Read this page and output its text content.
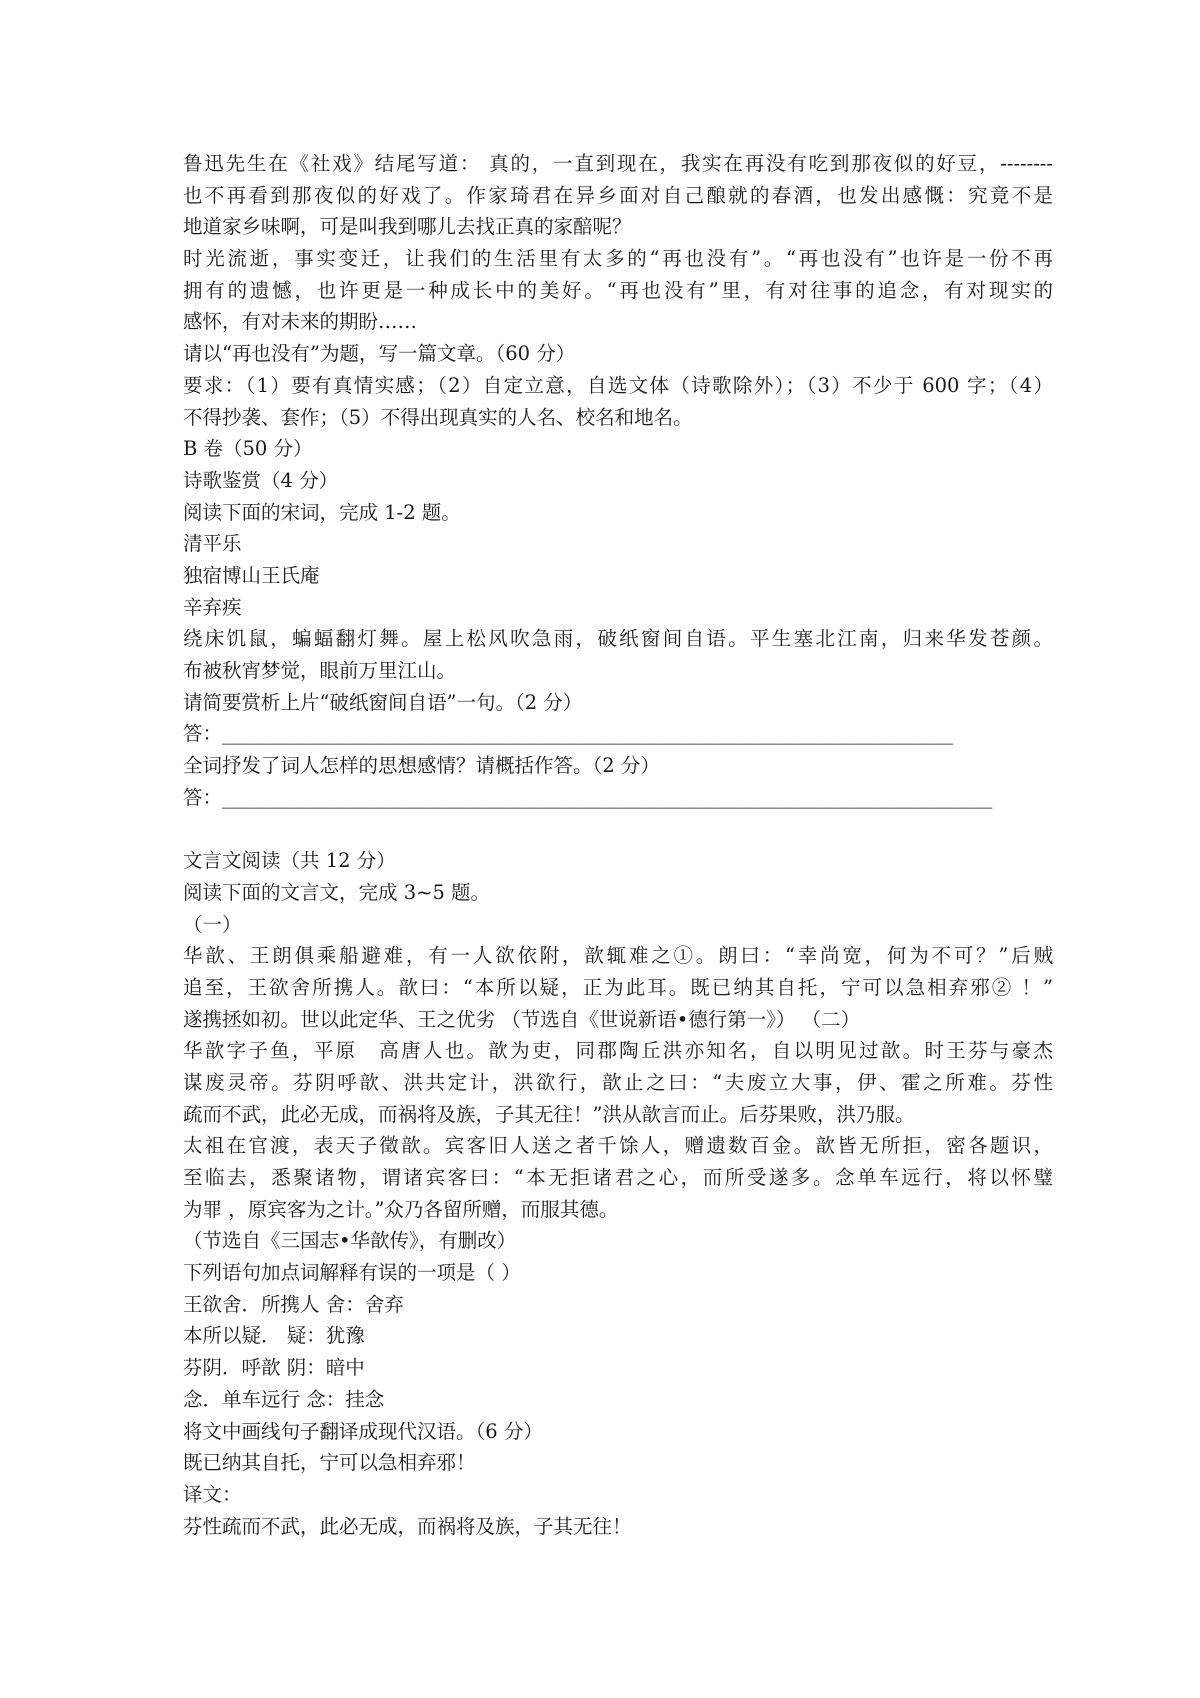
鲁迅先生在《社戏》结尾写道： 真的，一直到现在，我实在再没有吃到那夜似的好豆，--------
也不再看到那夜似的好戏了。作家琦君在异乡面对自己酿就的春酒，也发出感慨：究竟不是
地道家乡味啊，可是叫我到哪儿去找正真的家醅呢？
时光流逝，事实变迁，让我们的生活里有太多的“再也没有”。“再也没有”也许是一份不再
拥有的遗憾，也许更是一种成长中的美好。“再也没有”里，有对往事的追念，有对现实的
感怀，有对未来的期盼……
请以“再也没有”为题，写一篇文章。（60 分）
要求：（1）要有真情实感；（2）自定立意，自选文体（诗歌除外）；（3）不少于 600 字；（4）
不得抄袭、套作；（5）不得出现真实的人名、校名和地名。
B 卷（50 分）
诗歌鉴赏（4 分）
阅读下面的宋词，完成 1-2 题。
清平乐
独宿博山王氏庵
辛弃疾
绕床饥鼠，蝙蝠翻灯舞。屋上松风吹急雨，破纸窗间自语。平生塞北江南，归来华发苍颜。
布被秋宵梦觉，眼前万里江山。
请简要赏析上片“破纸窗间自语”一句。（2 分）
答：___________________________________________________________________________
全词抒发了词人怎样的思想感情？请概括作答。（2 分）
答：_______________________________________________________________________________
文言文阅读（共 12 分）
阅读下面的文言文，完成 3~5 题。
（一）
华歆、王朗俱乘船避难，有一人欲依附，歆辄难之①。朗曰：“幸尚宽，何为不可？”后贼
追至，王欲舍所携人。歆曰：“本所以疑，正为此耳。既已纳其自托，宁可以急相弃邪② ！”
遂携拯如初。世以此定华、王之优劣 （节选自《世说新语•德行第一》） （二）
华歆字子鱼，平原　高唐人也。歆为吏，同郡陶丘洪亦知名，自以明见过歆。时王芬与豪杰
谋废灵帝。芬阴呼歆、洪共定计，洪欲行，歆止之曰：“夫废立大事，伊、霍之所难。芬性
疏而不武，此必无成，而祸将及族，子其无往！”洪从歆言而止。后芬果败，洪乃服。
太祖在官渡，表天子徵歆。宾客旧人送之者千馀人，赠遗数百金。歆皆无所拒，密各题识，
至临去，悉聚诸物，谓诸宾客曰：“本无拒诸君之心，而所受遂多。念单车远行，将以怀璧
为罪 ，原宾客为之计。”众乃各留所赠，而服其德。
（节选自《三国志•华歆传》，有删改）
下列语句加点词解释有误的一项是（ ）
王欲舍．所携人 舍：舍弃
本所以疑． 疑：犹豫
芬阴．呼歆 阴：暗中
念．单车远行 念：挂念
将文中画线句子翻译成现代汉语。（6 分）
既已纳其自托，宁可以急相弃邪！
译文：
芬性疏而不武，此必无成，而祸将及族，子其无往！
